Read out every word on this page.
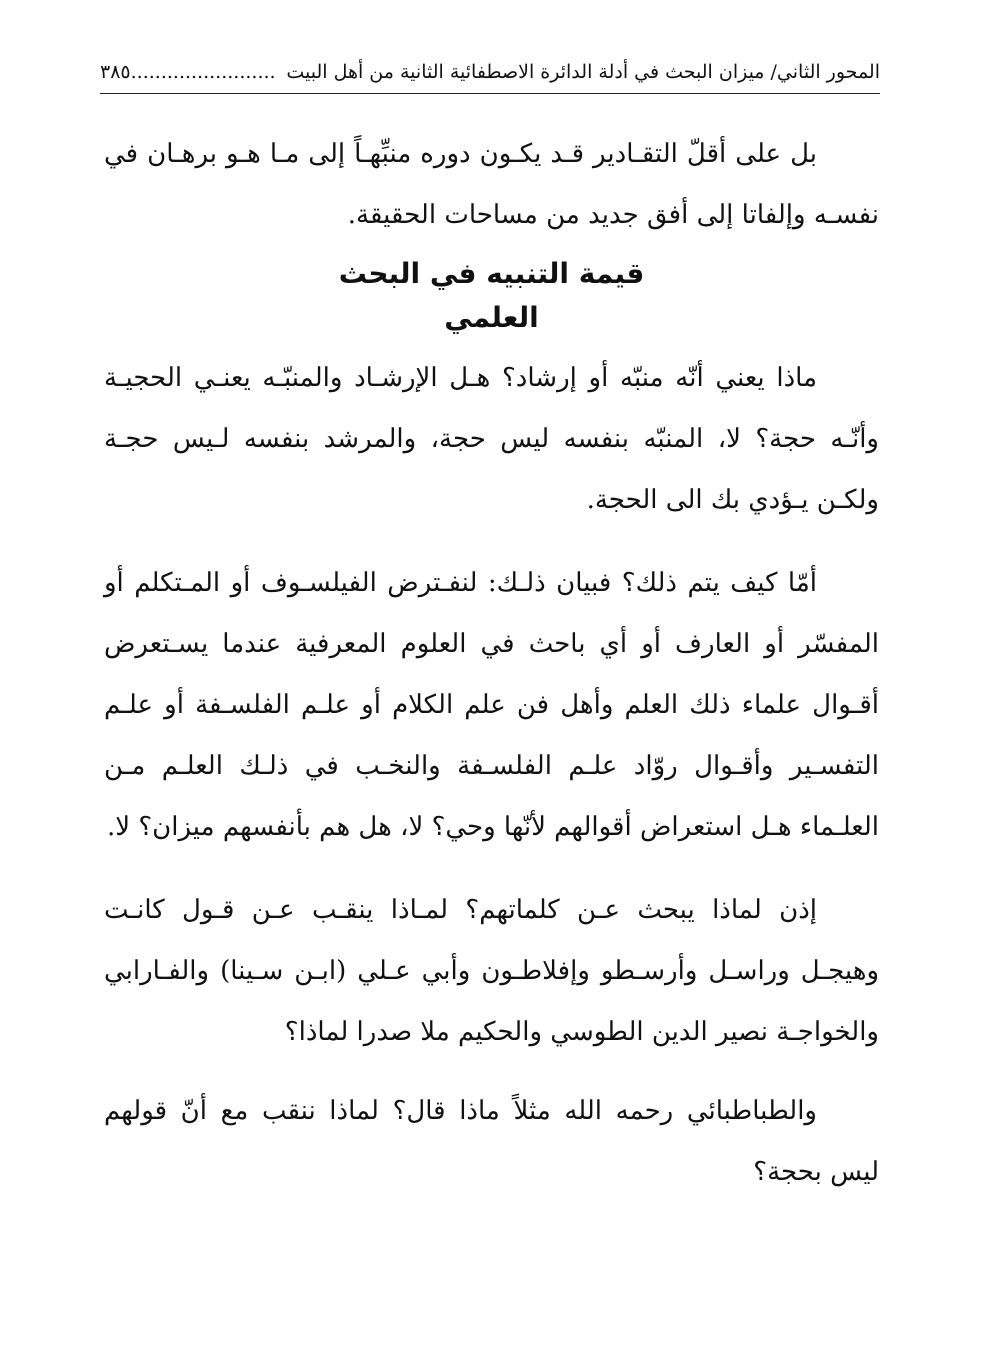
المحور الثاني/ ميزان البحث في أدلة الدائرة الاصطفائية الثانية من أهل البيت
........................٣٨٥

بل على أقلّ التقـادير قـد يكـون دوره منبِّهـاً إلى مـا هـو برهـان في نفسـه وإلفاتا إلى أفق جديد من مساحات الحقيقة.

قيمة التنبيه في البحث
العلمي

ماذا يعني أنّه منبّه أو إرشاد؟ هـل الإرشـاد والمنبّـه يعنـي الحجيـة وأنّـه حجة؟ لا، المنبّه بنفسه ليس حجة، والمرشد بنفسه لـيس حجـة ولكـن يـؤدي بك الى الحجة.

أمّا كيف يتم ذلك؟ فبيان ذلـك: لنفـترض الفيلسـوف أو المـتكلم أو المفسّر أو العارف أو أي باحث في العلوم المعرفية عندما يسـتعرض أقـوال علماء ذلك العلم وأهل فن علم الكلام أو علـم الفلسـفة أو علـم التفسـير وأقـوال روّاد علـم الفلسـفة والنخـب في ذلـك العلـم مـن العلـماء هـل استعراض أقوالهم لأنّها وحي؟ لا، هل هم بأنفسهم ميزان؟ لا.

إذن لماذا يبحث عـن كلماتهم؟ لمـاذا ينقـب عـن قـول كانـت وهيجـل وراسـل وأرسـطو وإفلاطـون وأبي عـلي (ابـن سـينا) والفـارابي والخواجـة نصير الدين الطوسي والحكيم ملا صدرا لماذا؟

والطباطبائي رحمه الله مثلاً ماذا قال؟ لماذا ننقب مع أنّ قولهم ليس بحجة؟
